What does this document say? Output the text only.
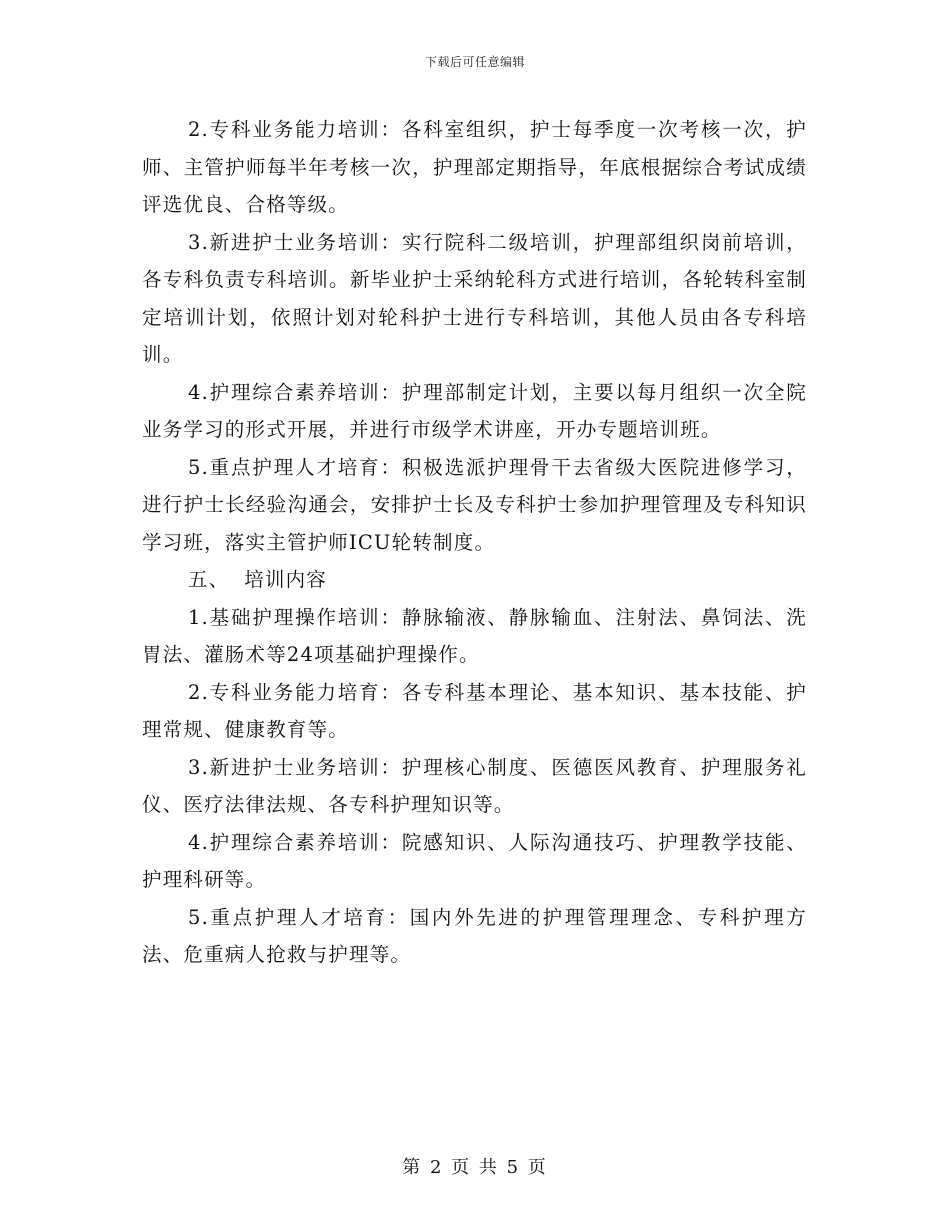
下载后可任意编辑

2.专科业务能力培训：各科室组织，护士每季度一次考核一次，护师、主管护师每半年考核一次，护理部定期指导，年底根据综合考试成绩评选优良、合格等级。

3.新进护士业务培训：实行院科二级培训，护理部组织岗前培训，各专科负责专科培训。新毕业护士采纳轮科方式进行培训，各轮转科室制定培训计划，依照计划对轮科护士进行专科培训，其他人员由各专科培训。

4.护理综合素养培训：护理部制定计划，主要以每月组织一次全院业务学习的形式开展，并进行市级学术讲座，开办专题培训班。

5.重点护理人才培育：积极选派护理骨干去省级大医院进修学习，进行护士长经验沟通会，安排护士长及专科护士参加护理管理及专科知识学习班，落实主管护师ICU轮转制度。

五、  培训内容

1.基础护理操作培训：静脉输液、静脉输血、注射法、鼻饲法、洗胃法、灌肠术等24项基础护理操作。

2.专科业务能力培育：各专科基本理论、基本知识、基本技能、护理常规、健康教育等。

3.新进护士业务培训：护理核心制度、医德医风教育、护理服务礼仪、医疗法律法规、各专科护理知识等。

4.护理综合素养培训：院感知识、人际沟通技巧、护理教学技能、护理科研等。

5.重点护理人才培育：国内外先进的护理管理理念、专科护理方法、危重病人抢救与护理等。

第 2 页 共 5 页
